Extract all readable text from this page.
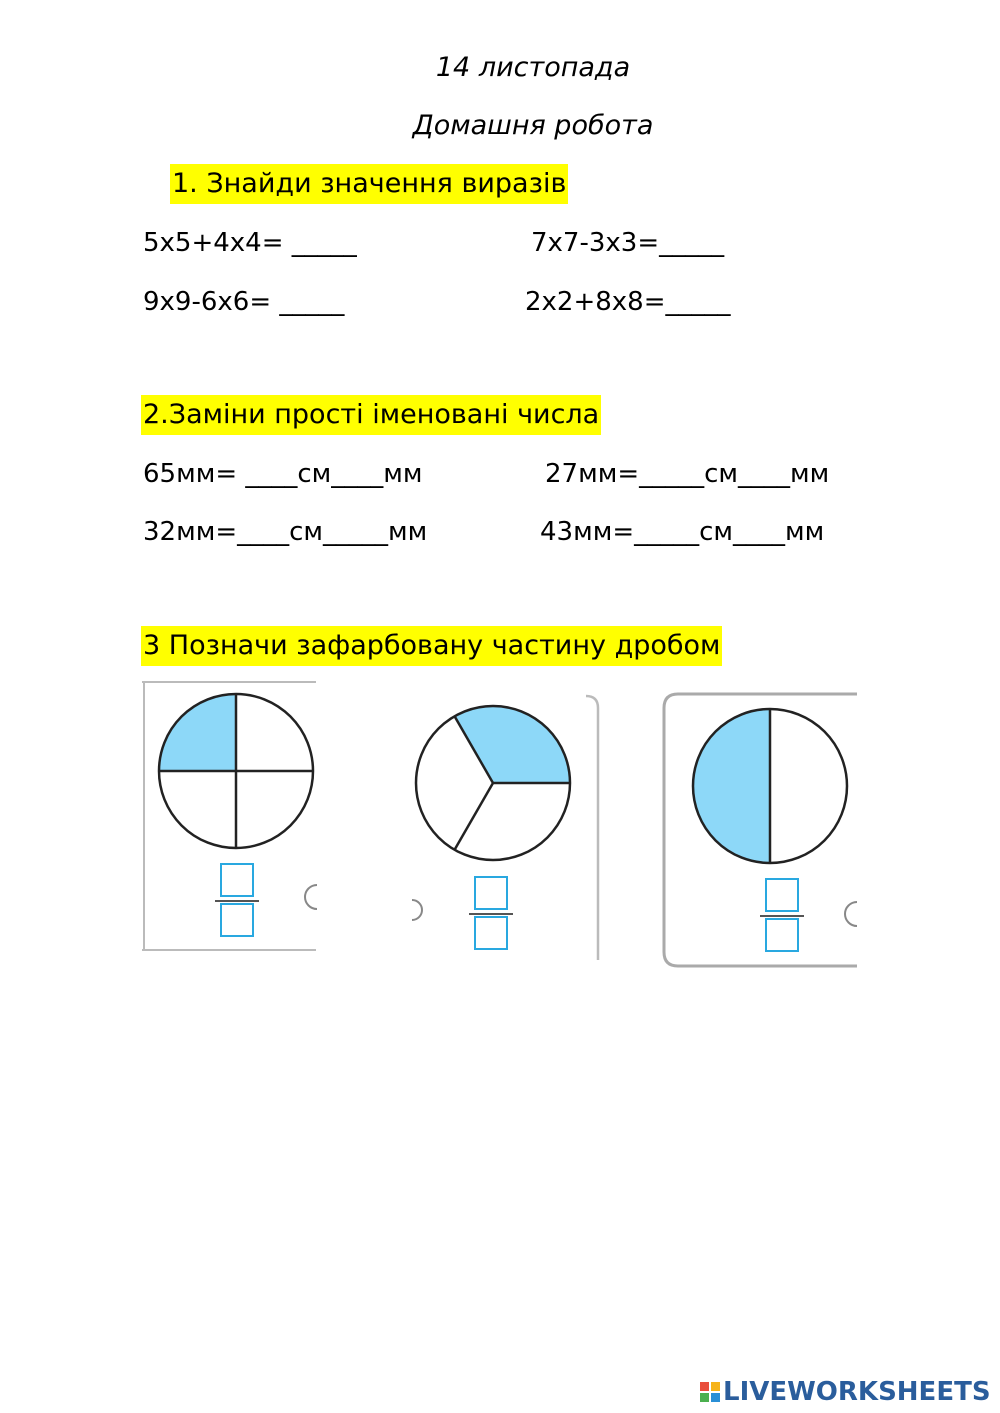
14 листопада
Домашня робота
1. Знайди значення виразів
5x5+4x4= _____	7x7-3x3=_____
9x9-6x6= _____	2x2+8x8=_____
2.Заміни прості іменовані числа
65мм= ____см____мм	27мм=_____см____мм
32мм=____см_____мм	43мм=_____см____мм
3 Позначи зафарбовану частину дробом
LIVEWORKSHEETS
